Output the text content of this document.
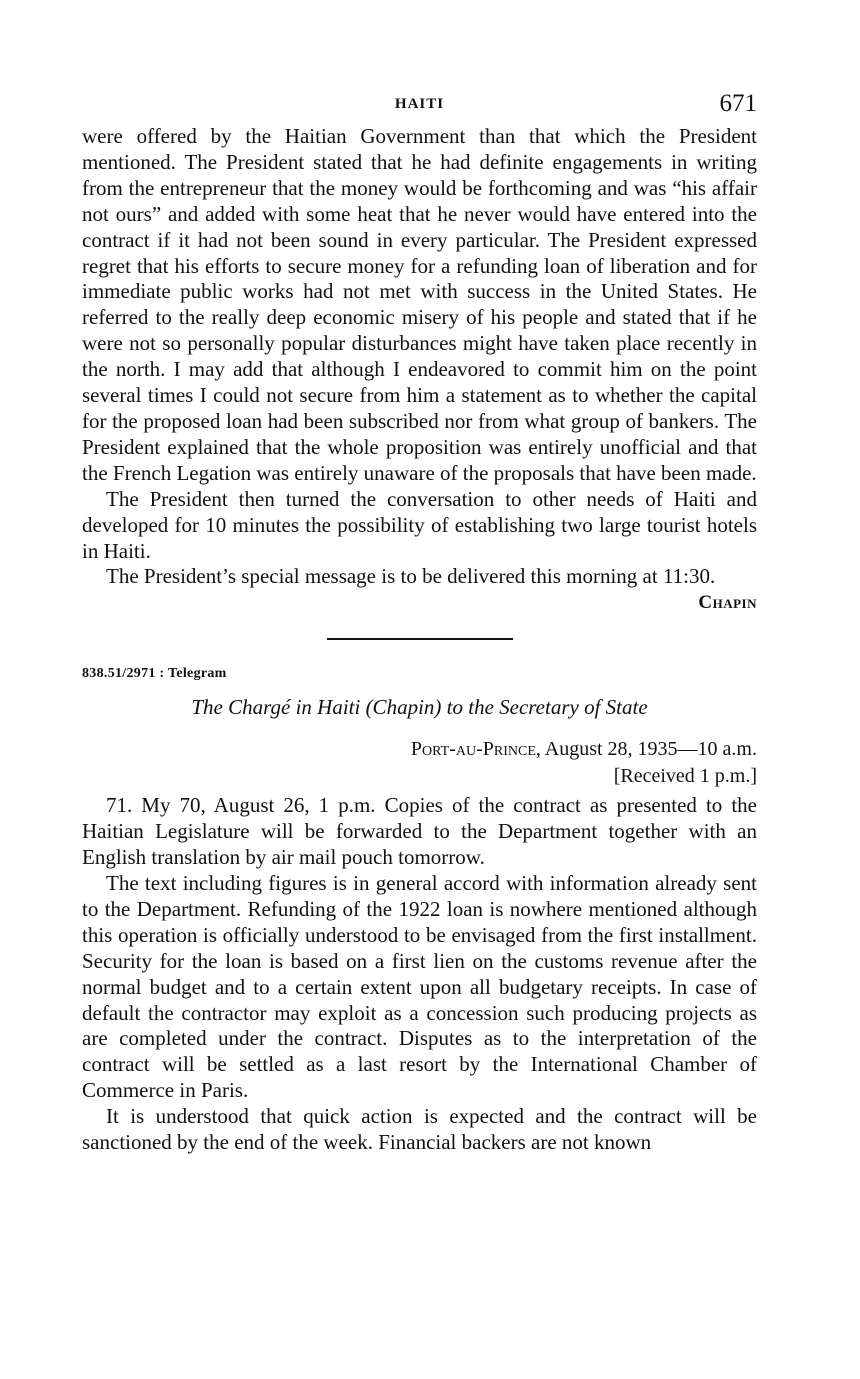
HAITI	671

were offered by the Haitian Government than that which the President mentioned. The President stated that he had definite engagements in writing from the entrepreneur that the money would be forthcoming and was “his affair not ours” and added with some heat that he never would have entered into the contract if it had not been sound in every particular. The President expressed regret that his efforts to secure money for a refunding loan of liberation and for immediate public works had not met with success in the United States. He referred to the really deep economic misery of his people and stated that if he were not so personally popular disturbances might have taken place recently in the north. I may add that although I endeavored to commit him on the point several times I could not secure from him a statement as to whether the capital for the proposed loan had been subscribed nor from what group of bankers. The President explained that the whole proposition was entirely unofficial and that the French Legation was entirely unaware of the proposals that have been made.

The President then turned the conversation to other needs of Haiti and developed for 10 minutes the possibility of establishing two large tourist hotels in Haiti.

The President’s special message is to be delivered this morning at 11:30.

Chapin

838.51/2971 : Telegram

The Chargé in Haiti (Chapin) to the Secretary of State
Port-au-Prince, August 28, 1935—10 a.m.
[Received 1 p.m.]

71. My 70, August 26, 1 p.m. Copies of the contract as presented to the Haitian Legislature will be forwarded to the Department together with an English translation by air mail pouch tomorrow.

The text including figures is in general accord with information already sent to the Department. Refunding of the 1922 loan is nowhere mentioned although this operation is officially understood to be envisaged from the first installment. Security for the loan is based on a first lien on the customs revenue after the normal budget and to a certain extent upon all budgetary receipts. In case of default the contractor may exploit as a concession such producing projects as are completed under the contract. Disputes as to the interpretation of the contract will be settled as a last resort by the International Chamber of Commerce in Paris.

It is understood that quick action is expected and the contract will be sanctioned by the end of the week. Financial backers are not known
